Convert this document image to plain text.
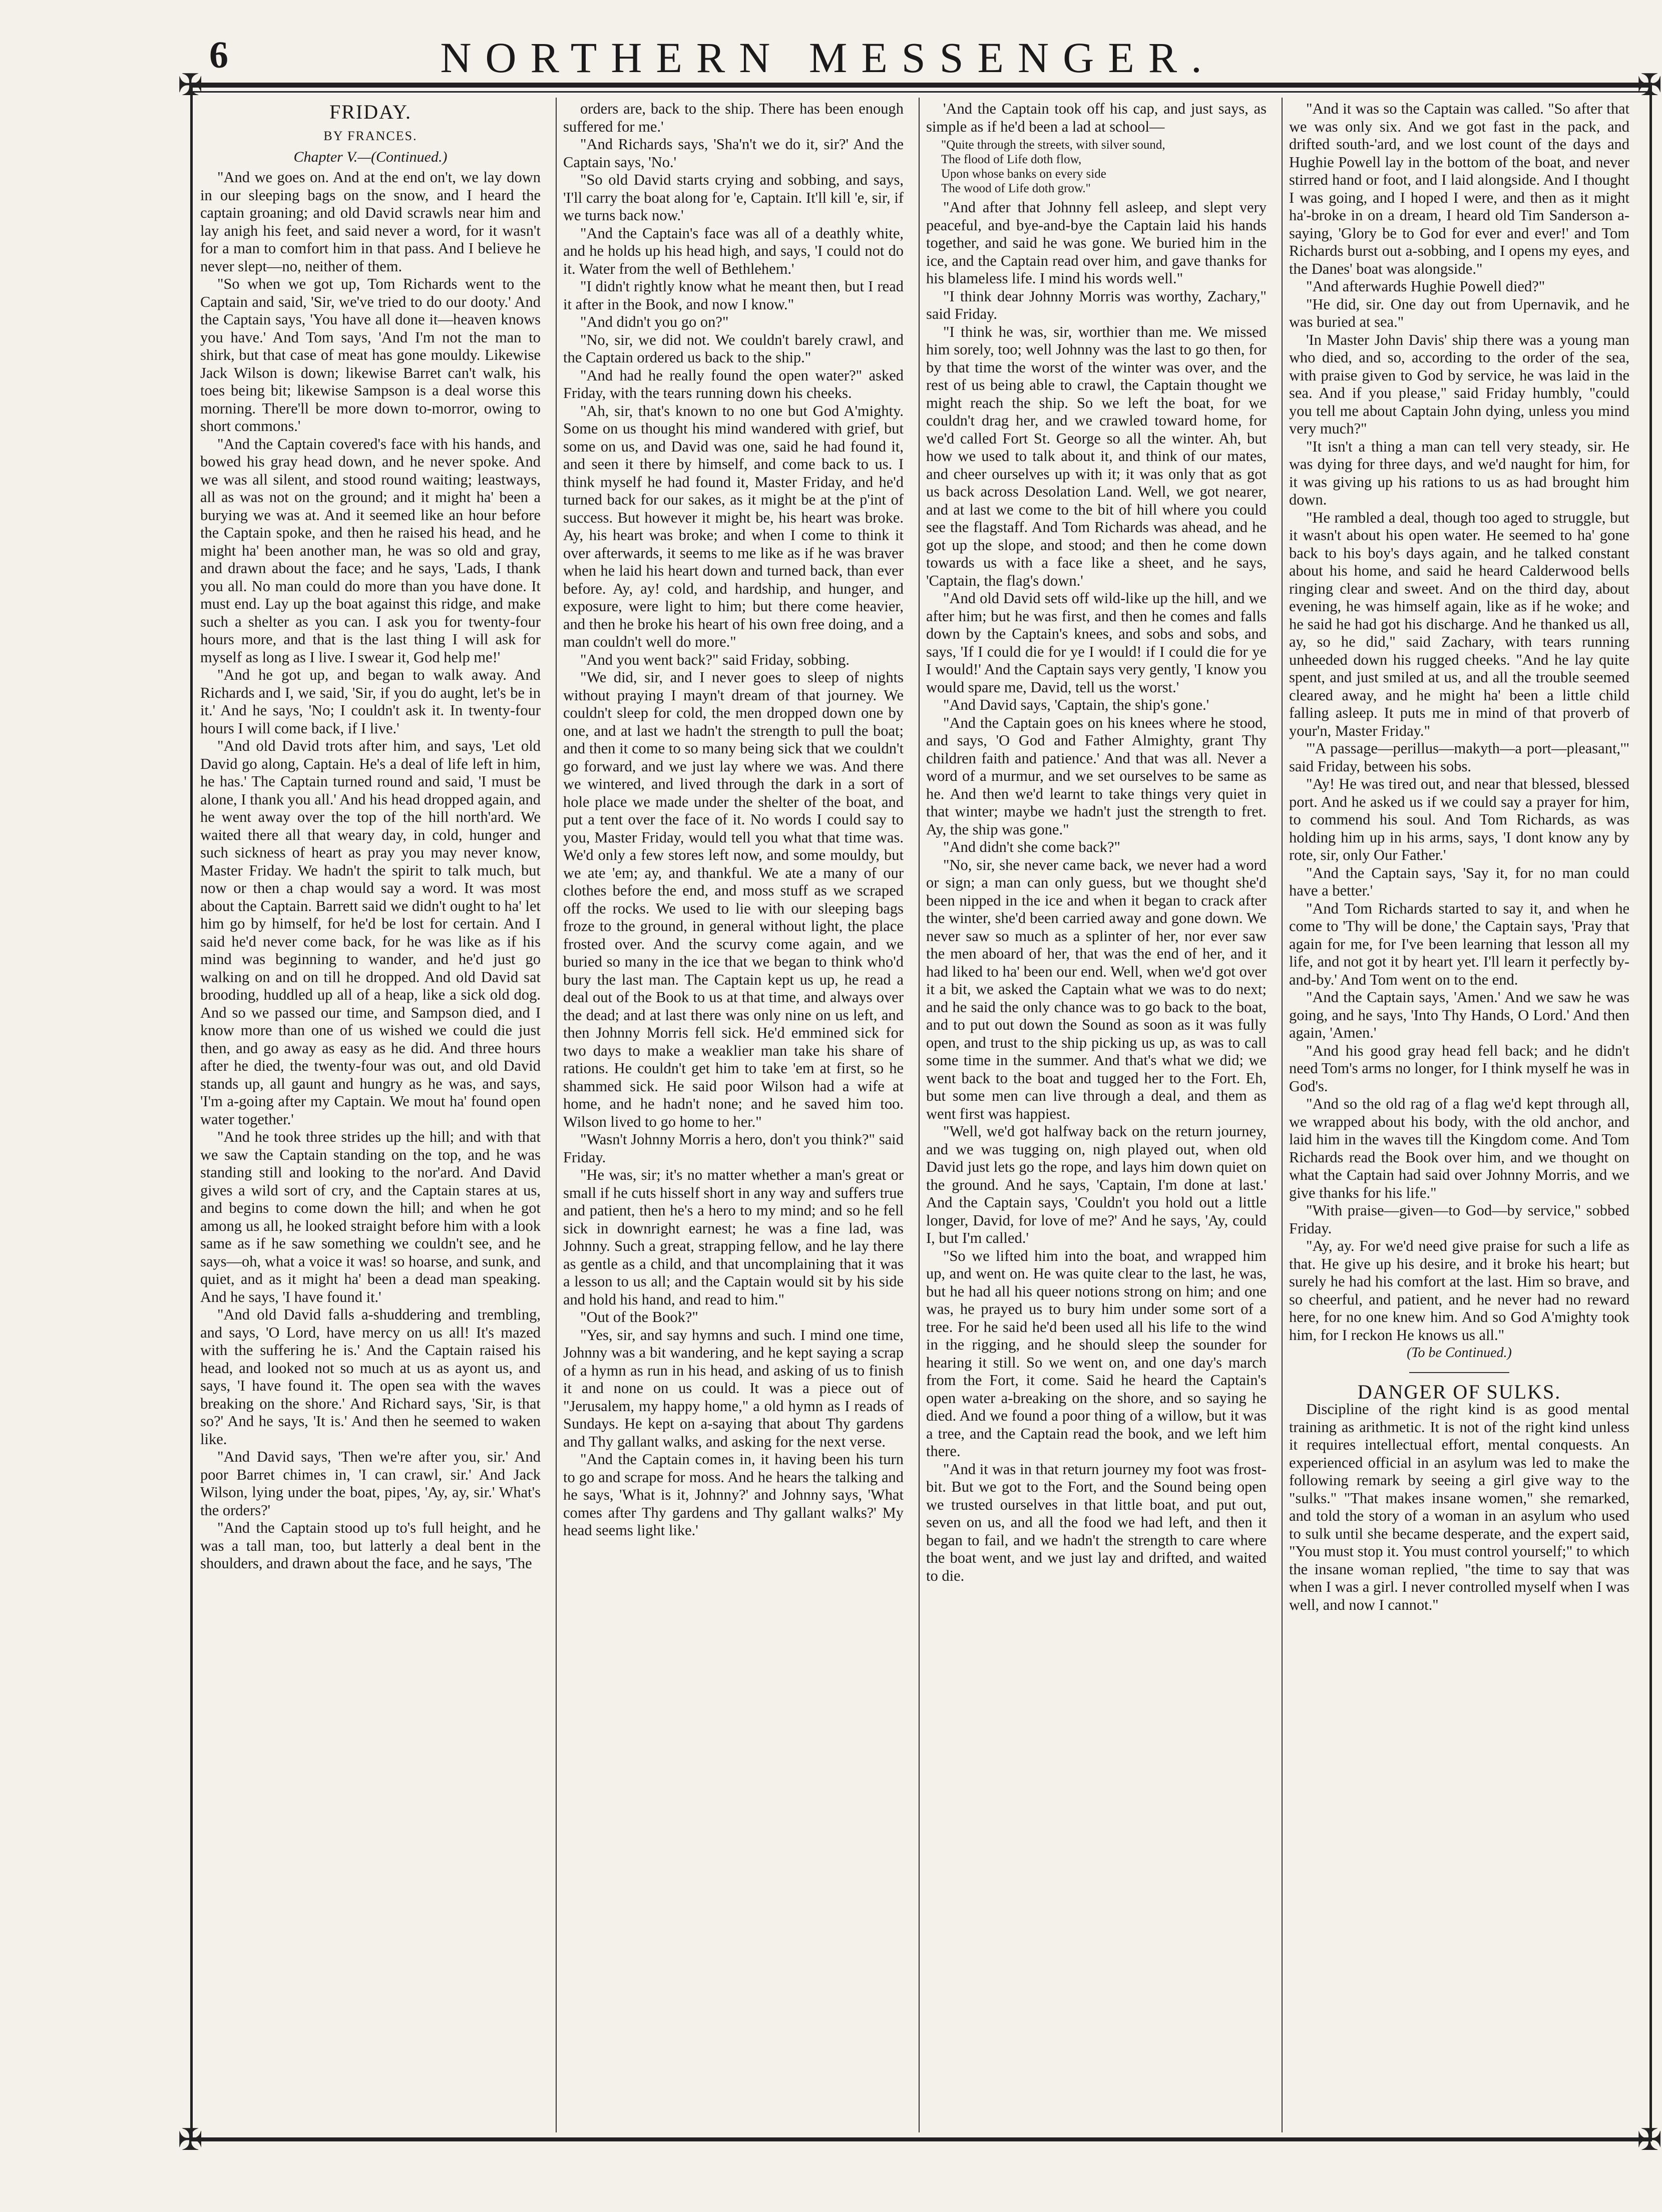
6	NORTHERN MESSENGER.
✠	✠
✠	✠
FRIDAY.
BY FRANCES.
Chapter V.—(Continued.)

"And we goes on. And at the end on't, we lay down in our sleeping bags on the snow, and I heard the captain groaning; and old David scrawls near him and lay anigh his feet, and said never a word, for it wasn't for a man to comfort him in that pass. And I believe he never slept—no, neither of them.

"So when we got up, Tom Richards went to the Captain and said, 'Sir, we've tried to do our dooty.' And the Captain says, 'You have all done it—heaven knows you have.' And Tom says, 'And I'm not the man to shirk, but that case of meat has gone mouldy. Likewise Jack Wilson is down; likewise Barret can't walk, his toes being bit; likewise Sampson is a deal worse this morning. There'll be more down to-morror, owing to short commons.'

"And the Captain covered's face with his hands, and bowed his gray head down, and he never spoke. And we was all silent, and stood round waiting; leastways, all as was not on the ground; and it might ha' been a burying we was at. And it seemed like an hour before the Captain spoke, and then he raised his head, and he might ha' been another man, he was so old and gray, and drawn about the face; and he says, 'Lads, I thank you all. No man could do more than you have done. It must end. Lay up the boat against this ridge, and make such a shelter as you can. I ask you for twenty-four hours more, and that is the last thing I will ask for myself as long as I live. I swear it, God help me!'

"And he got up, and began to walk away. And Richards and I, we said, 'Sir, if you do aught, let's be in it.' And he says, 'No; I couldn't ask it. In twenty-four hours I will come back, if I live.'

"And old David trots after him, and says, 'Let old David go along, Captain. He's a deal of life left in him, he has.' The Captain turned round and said, 'I must be alone, I thank you all.' And his head dropped again, and he went away over the top of the hill north'ard. We waited there all that weary day, in cold, hunger and such sickness of heart as pray you may never know, Master Friday. We hadn't the spirit to talk much, but now or then a chap would say a word. It was most about the Captain. Barrett said we didn't ought to ha' let him go by himself, for he'd be lost for certain. And I said he'd never come back, for he was like as if his mind was beginning to wander, and he'd just go walking on and on till he dropped. And old David sat brooding, huddled up all of a heap, like a sick old dog. And so we passed our time, and Sampson died, and I know more than one of us wished we could die just then, and go away as easy as he did. And three hours after he died, the twenty-four was out, and old David stands up, all gaunt and hungry as he was, and says, 'I'm a-going after my Captain. We mout ha' found open water together.'

"And he took three strides up the hill; and with that we saw the Captain standing on the top, and he was standing still and looking to the nor'ard. And David gives a wild sort of cry, and the Captain stares at us, and begins to come down the hill; and when he got among us all, he looked straight before him with a look same as if he saw something we couldn't see, and he says—oh, what a voice it was! so hoarse, and sunk, and quiet, and as it might ha' been a dead man speaking. And he says, 'I have found it.'

"And old David falls a-shuddering and trembling, and says, 'O Lord, have mercy on us all! It's mazed with the suffering he is.' And the Captain raised his head, and looked not so much at us as ayont us, and says, 'I have found it. The open sea with the waves breaking on the shore.' And Richard says, 'Sir, is that so?' And he says, 'It is.' And then he seemed to waken like.

"And David says, 'Then we're after you, sir.' And poor Barret chimes in, 'I can crawl, sir.' And Jack Wilson, lying under the boat, pipes, 'Ay, ay, sir.' What's the orders?'

"And the Captain stood up to's full height, and he was a tall man, too, but latterly a deal bent in the shoulders, and drawn about the face, and he says, 'The

orders are, back to the ship. There has been enough suffered for me.'

"And Richards says, 'Sha'n't we do it, sir?' And the Captain says, 'No.'

"So old David starts crying and sobbing, and says, 'I'll carry the boat along for 'e, Captain. It'll kill 'e, sir, if we turns back now.'

"And the Captain's face was all of a deathly white, and he holds up his head high, and says, 'I could not do it. Water from the well of Bethlehem.'

"I didn't rightly know what he meant then, but I read it after in the Book, and now I know."

"And didn't you go on?"

"No, sir, we did not. We couldn't barely crawl, and the Captain ordered us back to the ship."

"And had he really found the open water?" asked Friday, with the tears running down his cheeks.

"Ah, sir, that's known to no one but God A'mighty. Some on us thought his mind wandered with grief, but some on us, and David was one, said he had found it, and seen it there by himself, and come back to us. I think myself he had found it, Master Friday, and he'd turned back for our sakes, as it might be at the p'int of success. But however it might be, his heart was broke. Ay, his heart was broke; and when I come to think it over afterwards, it seems to me like as if he was braver when he laid his heart down and turned back, than ever before. Ay, ay! cold, and hardship, and hunger, and exposure, were light to him; but there come heavier, and then he broke his heart of his own free doing, and a man couldn't well do more."

"And you went back?" said Friday, sobbing.

"We did, sir, and I never goes to sleep of nights without praying I mayn't dream of that journey. We couldn't sleep for cold, the men dropped down one by one, and at last we hadn't the strength to pull the boat; and then it come to so many being sick that we couldn't go forward, and we just lay where we was. And there we wintered, and lived through the dark in a sort of hole place we made under the shelter of the boat, and put a tent over the face of it. No words I could say to you, Master Friday, would tell you what that time was. We'd only a few stores left now, and some mouldy, but we ate 'em; ay, and thankful. We ate a many of our clothes before the end, and moss stuff as we scraped off the rocks. We used to lie with our sleeping bags froze to the ground, in general without light, the place frosted over. And the scurvy come again, and we buried so many in the ice that we began to think who'd bury the last man. The Captain kept us up, he read a deal out of the Book to us at that time, and always over the dead; and at last there was only nine on us left, and then Johnny Morris fell sick. He'd emmined sick for two days to make a weaklier man take his share of rations. He couldn't get him to take 'em at first, so he shammed sick. He said poor Wilson had a wife at home, and he hadn't none; and he saved him too. Wilson lived to go home to her."

"Wasn't Johnny Morris a hero, don't you think?" said Friday.

"He was, sir; it's no matter whether a man's great or small if he cuts hisself short in any way and suffers true and patient, then he's a hero to my mind; and so he fell sick in downright earnest; he was a fine lad, was Johnny. Such a great, strapping fellow, and he lay there as gentle as a child, and that uncomplaining that it was a lesson to us all; and the Captain would sit by his side and hold his hand, and read to him."

"Out of the Book?"

"Yes, sir, and say hymns and such. I mind one time, Johnny was a bit wandering, and he kept saying a scrap of a hymn as run in his head, and asking of us to finish it and none on us could. It was a piece out of "Jerusalem, my happy home," a old hymn as I reads of Sundays. He kept on a-saying that about Thy gardens and Thy gallant walks, and asking for the next verse.

"And the Captain comes in, it having been his turn to go and scrape for moss. And he hears the talking and he says, 'What is it, Johnny?' and Johnny says, 'What comes after Thy gardens and Thy gallant walks?' My head seems light like.'

'And the Captain took off his cap, and just says, as simple as if he'd been a lad at school—

"Quite through the streets, with silver sound,
The flood of Life doth flow,
Upon whose banks on every side
The wood of Life doth grow."

"And after that Johnny fell asleep, and slept very peaceful, and bye-and-bye the Captain laid his hands together, and said he was gone. We buried him in the ice, and the Captain read over him, and gave thanks for his blameless life. I mind his words well."

"I think dear Johnny Morris was worthy, Zachary," said Friday.

"I think he was, sir, worthier than me. We missed him sorely, too; well Johnny was the last to go then, for by that time the worst of the winter was over, and the rest of us being able to crawl, the Captain thought we might reach the ship. So we left the boat, for we couldn't drag her, and we crawled toward home, for we'd called Fort St. George so all the winter. Ah, but how we used to talk about it, and think of our mates, and cheer ourselves up with it; it was only that as got us back across Desolation Land. Well, we got nearer, and at last we come to the bit of hill where you could see the flagstaff. And Tom Richards was ahead, and he got up the slope, and stood; and then he come down towards us with a face like a sheet, and he says, 'Captain, the flag's down.'

"And old David sets off wild-like up the hill, and we after him; but he was first, and then he comes and falls down by the Captain's knees, and sobs and sobs, and says, 'If I could die for ye I would! if I could die for ye I would!' And the Captain says very gently, 'I know you would spare me, David, tell us the worst.'

"And David says, 'Captain, the ship's gone.'

"And the Captain goes on his knees where he stood, and says, 'O God and Father Almighty, grant Thy children faith and patience.' And that was all. Never a word of a murmur, and we set ourselves to be same as he. And then we'd learnt to take things very quiet in that winter; maybe we hadn't just the strength to fret. Ay, the ship was gone."

"And didn't she come back?"

"No, sir, she never came back, we never had a word or sign; a man can only guess, but we thought she'd been nipped in the ice and when it began to crack after the winter, she'd been carried away and gone down. We never saw so much as a splinter of her, nor ever saw the men aboard of her, that was the end of her, and it had liked to ha' been our end. Well, when we'd got over it a bit, we asked the Captain what we was to do next; and he said the only chance was to go back to the boat, and to put out down the Sound as soon as it was fully open, and trust to the ship picking us up, as was to call some time in the summer. And that's what we did; we went back to the boat and tugged her to the Fort. Eh, but some men can live through a deal, and them as went first was happiest.

"Well, we'd got halfway back on the return journey, and we was tugging on, nigh played out, when old David just lets go the rope, and lays him down quiet on the ground. And he says, 'Captain, I'm done at last.' And the Captain says, 'Couldn't you hold out a little longer, David, for love of me?' And he says, 'Ay, could I, but I'm called.'

"So we lifted him into the boat, and wrapped him up, and went on. He was quite clear to the last, he was, but he had all his queer notions strong on him; and one was, he prayed us to bury him under some sort of a tree. For he said he'd been used all his life to the wind in the rigging, and he should sleep the sounder for hearing it still. So we went on, and one day's march from the Fort, it come. Said he heard the Captain's open water a-breaking on the shore, and so saying he died. And we found a poor thing of a willow, but it was a tree, and the Captain read the book, and we left him there.

"And it was in that return journey my foot was frost-bit. But we got to the Fort, and the Sound being open we trusted ourselves in that little boat, and put out, seven on us, and all the food we had left, and then it began to fail, and we hadn't the strength to care where the boat went, and we just lay and drifted, and waited to die.

"And it was so the Captain was called. "So after that we was only six. And we got fast in the pack, and drifted south-'ard, and we lost count of the days and Hughie Powell lay in the bottom of the boat, and never stirred hand or foot, and I laid alongside. And I thought I was going, and I hoped I were, and then as it might ha'-broke in on a dream, I heard old Tim Sanderson a-saying, 'Glory be to God for ever and ever!' and Tom Richards burst out a-sobbing, and I opens my eyes, and the Danes' boat was alongside."

"And afterwards Hughie Powell died?"

"He did, sir. One day out from Upernavik, and he was buried at sea."

'In Master John Davis' ship there was a young man who died, and so, according to the order of the sea, with praise given to God by service, he was laid in the sea. And if you please," said Friday humbly, "could you tell me about Captain John dying, unless you mind very much?"

"It isn't a thing a man can tell very steady, sir. He was dying for three days, and we'd naught for him, for it was giving up his rations to us as had brought him down.

"He rambled a deal, though too aged to struggle, but it wasn't about his open water. He seemed to ha' gone back to his boy's days again, and he talked constant about his home, and said he heard Calderwood bells ringing clear and sweet. And on the third day, about evening, he was himself again, like as if he woke; and he said he had got his discharge. And he thanked us all, ay, so he did," said Zachary, with tears running unheeded down his rugged cheeks. "And he lay quite spent, and just smiled at us, and all the trouble seemed cleared away, and he might ha' been a little child falling asleep. It puts me in mind of that proverb of your'n, Master Friday."

"'A passage—perillus—makyth—a port—pleasant,'" said Friday, between his sobs.

"Ay! He was tired out, and near that blessed, blessed port. And he asked us if we could say a prayer for him, to commend his soul. And Tom Richards, as was holding him up in his arms, says, 'I dont know any by rote, sir, only Our Father.'

"And the Captain says, 'Say it, for no man could have a better.'

"And Tom Richards started to say it, and when he come to 'Thy will be done,' the Captain says, 'Pray that again for me, for I've been learning that lesson all my life, and not got it by heart yet. I'll learn it perfectly by-and-by.' And Tom went on to the end.

"And the Captain says, 'Amen.' And we saw he was going, and he says, 'Into Thy Hands, O Lord.' And then again, 'Amen.'

"And his good gray head fell back; and he didn't need Tom's arms no longer, for I think myself he was in God's.

"And so the old rag of a flag we'd kept through all, we wrapped about his body, with the old anchor, and laid him in the waves till the Kingdom come. And Tom Richards read the Book over him, and we thought on what the Captain had said over Johnny Morris, and we give thanks for his life."

"With praise—given—to God—by service," sobbed Friday.

"Ay, ay. For we'd need give praise for such a life as that. He give up his desire, and it broke his heart; but surely he had his comfort at the last. Him so brave, and so cheerful, and patient, and he never had no reward here, for no one knew him. And so God A'mighty took him, for I reckon He knows us all."

(To be Continued.)

DANGER OF SULKS.

Discipline of the right kind is as good mental training as arithmetic. It is not of the right kind unless it requires intellectual effort, mental conquests. An experienced official in an asylum was led to make the following remark by seeing a girl give way to the "sulks." "That makes insane women," she remarked, and told the story of a woman in an asylum who used to sulk until she became desperate, and the expert said, "You must stop it. You must control yourself;" to which the insane woman replied, "the time to say that was when I was a girl. I never controlled myself when I was well, and now I cannot."
